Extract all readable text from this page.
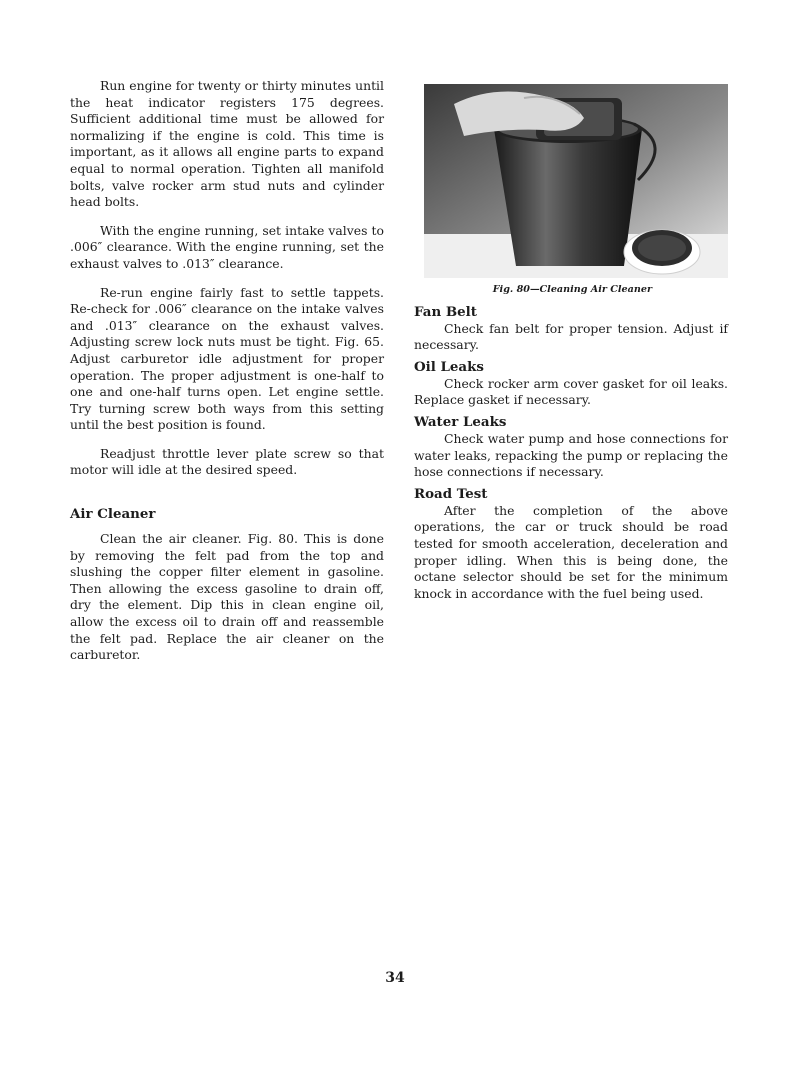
Run engine for twenty or thirty minutes until the heat indicator registers 175 degrees. Sufficient additional time must be allowed for normalizing if the engine is cold. This time is important, as it allows all engine parts to expand equal to normal operation. Tighten all manifold bolts, valve rocker arm stud nuts and cylinder head bolts.

With the engine running, set intake valves to .006″ clearance. With the engine running, set the exhaust valves to .013″ clearance.

Re-run engine fairly fast to settle tappets. Re-check for .006″ clearance on the intake valves and .013″ clearance on the exhaust valves. Adjusting screw lock nuts must be tight. Fig. 65. Adjust carburetor idle adjustment for proper operation. The proper adjustment is one-half to one and one-half turns open. Let engine settle. Try turning screw both ways from this setting until the best position is found.

Readjust throttle lever plate screw so that motor will idle at the desired speed.

Air Cleaner

Clean the air cleaner. Fig. 80. This is done by removing the felt pad from the top and slushing the copper filter element in gasoline. Then allowing the excess gasoline to drain off, dry the element. Dip this in clean engine oil, allow the excess oil to drain off and reassemble the felt pad. Replace the air cleaner on the carburetor.

Fig. 80—Cleaning Air Cleaner
Fan Belt

Check fan belt for proper tension. Adjust if necessary.

Oil Leaks

Check rocker arm cover gasket for oil leaks. Replace gasket if necessary.

Water Leaks

Check water pump and hose connections for water leaks, repacking the pump or replacing the hose connections if necessary.

Road Test

After the completion of the above operations, the car or truck should be road tested for smooth acceleration, deceleration and proper idling. When this is being done, the octane selector should be set for the minimum knock in accordance with the fuel being used.

34
